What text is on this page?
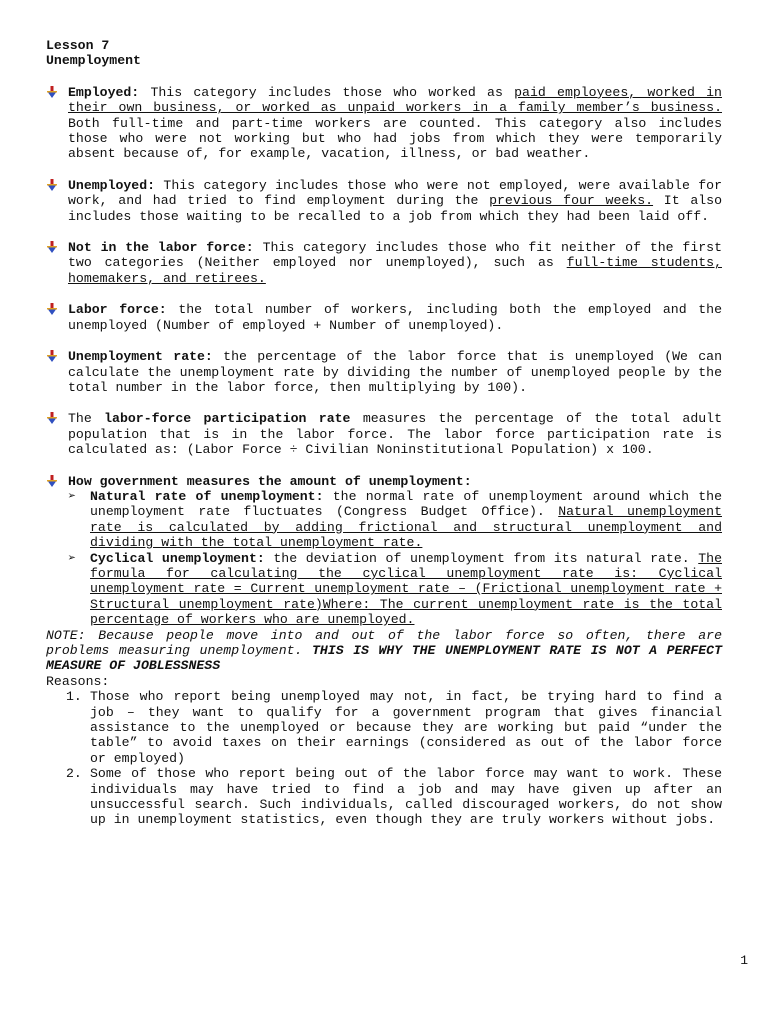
Lesson 7
Unemployment
Employed: This category includes those who worked as paid employees, worked in their own business, or worked as unpaid workers in a family member’s business. Both full-time and part-time workers are counted. This category also includes those who were not working but who had jobs from which they were temporarily absent because of, for example, vacation, illness, or bad weather.
Unemployed: This category includes those who were not employed, were available for work, and had tried to find employment during the previous four weeks. It also includes those waiting to be recalled to a job from which they had been laid off.
Not in the labor force: This category includes those who fit neither of the first two categories (Neither employed nor unemployed), such as full-time students, homemakers, and retirees.
Labor force: the total number of workers, including both the employed and the unemployed (Number of employed + Number of unemployed).
Unemployment rate: the percentage of the labor force that is unemployed (We can calculate the unemployment rate by dividing the number of unemployed people by the total number in the labor force, then multiplying by 100).
The labor-force participation rate measures the percentage of the total adult population that is in the labor force. The labor force participation rate is calculated as: (Labor Force ÷ Civilian Noninstitutional Population) x 100.
How government measures the amount of unemployment:
➢	Natural rate of unemployment: the normal rate of unemployment around which the unemployment rate fluctuates (Congress Budget Office). Natural unemployment rate is calculated by adding frictional and structural unemployment and dividing with the total unemployment rate.
➢	Cyclical unemployment: the deviation of unemployment from its natural rate. The formula for calculating the cyclical unemployment rate is: Cyclical unemployment rate = Current unemployment rate – (Frictional unemployment rate + Structural unemployment rate)Where: The current unemployment rate is the total percentage of workers who are unemployed.
NOTE: Because people move into and out of the labor force so often, there are problems measuring unemployment. THIS IS WHY THE UNEMPLOYMENT RATE IS NOT A PERFECT MEASURE OF JOBLESSNESS
Reasons:
1. Those who report being unemployed may not, in fact, be trying hard to find a job – they want to qualify for a government program that gives financial assistance to the unemployed or because they are working but paid “under the table” to avoid taxes on their earnings (considered as out of the labor force or employed)
2. Some of those who report being out of the labor force may want to work. These individuals may have tried to find a job and may have given up after an unsuccessful search. Such individuals, called discouraged workers, do not show up in unemployment statistics, even though they are truly workers without jobs.
1
